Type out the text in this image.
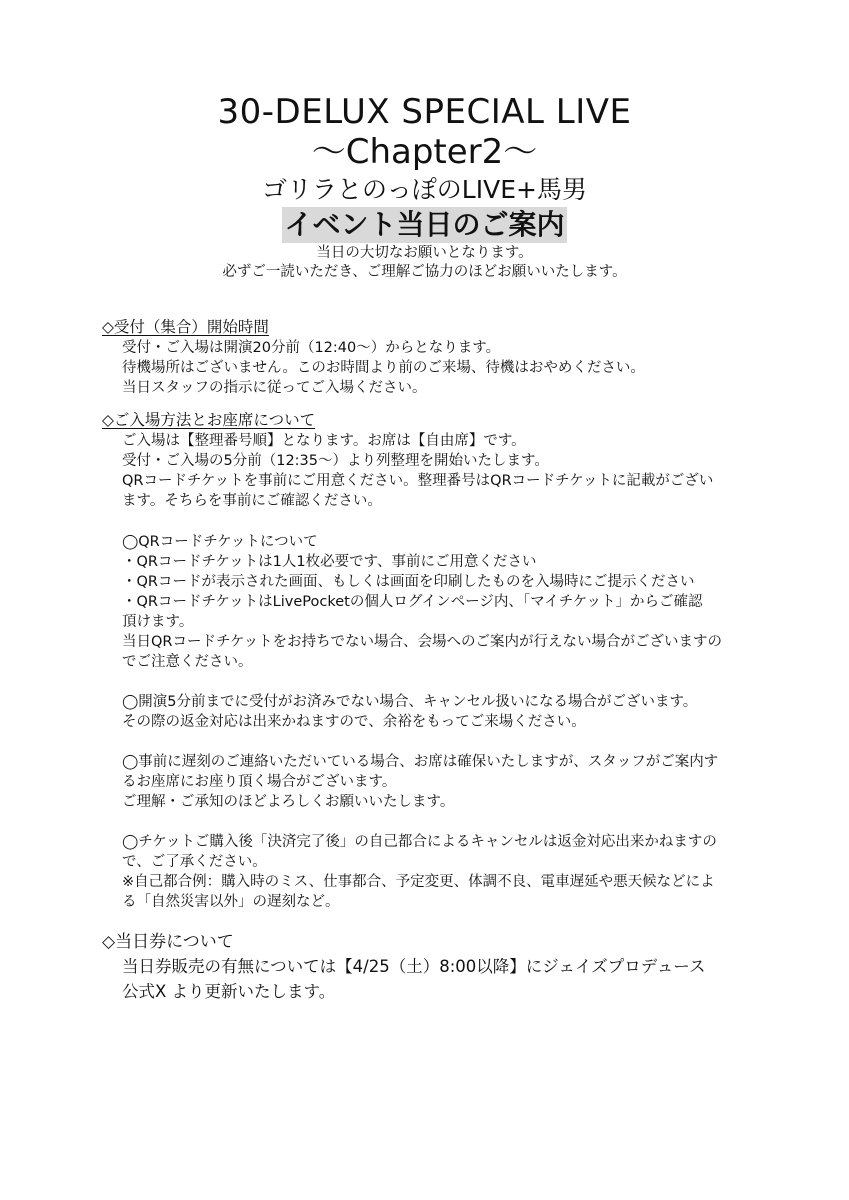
30-DELUX SPECIAL LIVE
～Chapter2～
ゴリラとのっぽのLIVE+馬男
イベント当日のご案内
当日の大切なお願いとなります。
必ずご一読いただき、ご理解ご協力のほどお願いいたします。
◇受付（集合）開始時間
受付・ご入場は開演20分前（12:40～）からとなります。
待機場所はございません。このお時間より前のご来場、待機はおやめください。
当日スタッフの指示に従ってご入場ください。
◇ご入場方法とお座席について
ご入場は【整理番号順】となります。お席は【自由席】です。
受付・ご入場の5分前（12:35～）より列整理を開始いたします。
QRコードチケットを事前にご用意ください。整理番号はQRコードチケットに記載がござい
ます。そちらを事前にご確認ください。
◯QRコードチケットについて
・QRコードチケットは1人1枚必要です、事前にご用意ください
・QRコードが表示された画面、もしくは画面を印刷したものを入場時にご提示ください
・QRコードチケットはLivePocketの個人ログインページ内、「マイチケット」からご確認
頂けます。
当日QRコードチケットをお持ちでない場合、会場へのご案内が行えない場合がございますの
でご注意ください。
◯開演5分前までに受付がお済みでない場合、キャンセル扱いになる場合がございます。
その際の返金対応は出来かねますので、余裕をもってご来場ください。
◯事前に遅刻のご連絡いただいている場合、お席は確保いたしますが、スタッフがご案内す
るお座席にお座り頂く場合がございます。
ご理解・ご承知のほどよろしくお願いいたします。
◯チケットご購入後「決済完了後」の自己都合によるキャンセルは返金対応出来かねますの
で、ご了承ください。
※自己都合例：購入時のミス、仕事都合、予定変更、体調不良、電車遅延や悪天候などによ
る「自然災害以外」の遅刻など。
◇当日券について
当日券販売の有無については【4/25（土）8:00以降】にジェイズプロデュース
公式X より更新いたします。
